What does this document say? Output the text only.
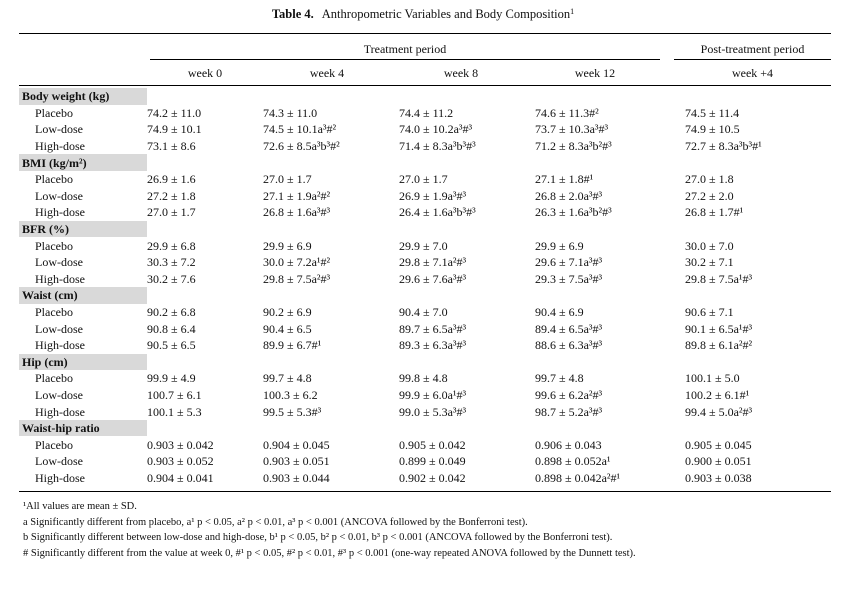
Table 4. Anthropometric Variables and Body Composition$^1$
Treatment period	Post-treatment period
week 0	week 4	week 8	week 12	week +4
Body weight (kg)					
Placebo	74.2 ± 11.0	74.3 ± 11.0	74.4 ± 11.2	74.6 ± 11.3#²	74.5 ± 11.4
Low-dose	74.9 ± 10.1	74.5 ± 10.1a³#²	74.0 ± 10.2a³#³	73.7 ± 10.3a³#³	74.9 ± 10.5
High-dose	73.1 ± 8.6	72.6 ± 8.5a³b³#²	71.4 ± 8.3a³b³#³	71.2 ± 8.3a³b²#³	72.7 ± 8.3a³b³#¹
BMI (kg/m²)					
Placebo	26.9 ± 1.6	27.0 ± 1.7	27.0 ± 1.7	27.1 ± 1.8#¹	27.0 ± 1.8
Low-dose	27.2 ± 1.8	27.1 ± 1.9a²#²	26.9 ± 1.9a³#³	26.8 ± 2.0a³#³	27.2 ± 2.0
High-dose	27.0 ± 1.7	26.8 ± 1.6a³#³	26.4 ± 1.6a³b³#³	26.3 ± 1.6a³b²#³	26.8 ± 1.7#¹
BFR (%)					
Placebo	29.9 ± 6.8	29.9 ± 6.9	29.9 ± 7.0	29.9 ± 6.9	30.0 ± 7.0
Low-dose	30.3 ± 7.2	30.0 ± 7.2a¹#²	29.8 ± 7.1a²#³	29.6 ± 7.1a³#³	30.2 ± 7.1
High-dose	30.2 ± 7.6	29.8 ± 7.5a²#³	29.6 ± 7.6a³#³	29.3 ± 7.5a³#³	29.8 ± 7.5a¹#³
Waist (cm)					
Placebo	90.2 ± 6.8	90.2 ± 6.9	90.4 ± 7.0	90.4 ± 6.9	90.6 ± 7.1
Low-dose	90.8 ± 6.4	90.4 ± 6.5	89.7 ± 6.5a³#³	89.4 ± 6.5a³#³	90.1 ± 6.5a¹#³
High-dose	90.5 ± 6.5	89.9 ± 6.7#¹	89.3 ± 6.3a³#³	88.6 ± 6.3a³#³	89.8 ± 6.1a²#²
Hip (cm)					
Placebo	99.9 ± 4.9	99.7 ± 4.8	99.8 ± 4.8	99.7 ± 4.8	100.1 ± 5.0
Low-dose	100.7 ± 6.1	100.3 ± 6.2	99.9 ± 6.0a¹#³	99.6 ± 6.2a²#³	100.2 ± 6.1#¹
High-dose	100.1 ± 5.3	99.5 ± 5.3#³	99.0 ± 5.3a³#³	98.7 ± 5.2a³#³	99.4 ± 5.0a²#³
Waist-hip ratio					
Placebo	0.903 ± 0.042	0.904 ± 0.045	0.905 ± 0.042	0.906 ± 0.043	0.905 ± 0.045
Low-dose	0.903 ± 0.052	0.903 ± 0.051	0.899 ± 0.049	0.898 ± 0.052a¹	0.900 ± 0.051
High-dose	0.904 ± 0.041	0.903 ± 0.044	0.902 ± 0.042	0.898 ± 0.042a²#¹	0.903 ± 0.038
¹All values are mean ± SD.
a Significantly different from placebo, a¹ p < 0.05, a² p < 0.01, a³ p < 0.001 (ANCOVA followed by the Bonferroni test).
b Significantly different between low-dose and high-dose, b¹ p < 0.05, b² p < 0.01, b³ p < 0.001 (ANCOVA followed by the Bonferroni test).
# Significantly different from the value at week 0, #¹ p < 0.05, #² p < 0.01, #³ p < 0.001 (one-way repeated ANOVA followed by the Dunnett test).
